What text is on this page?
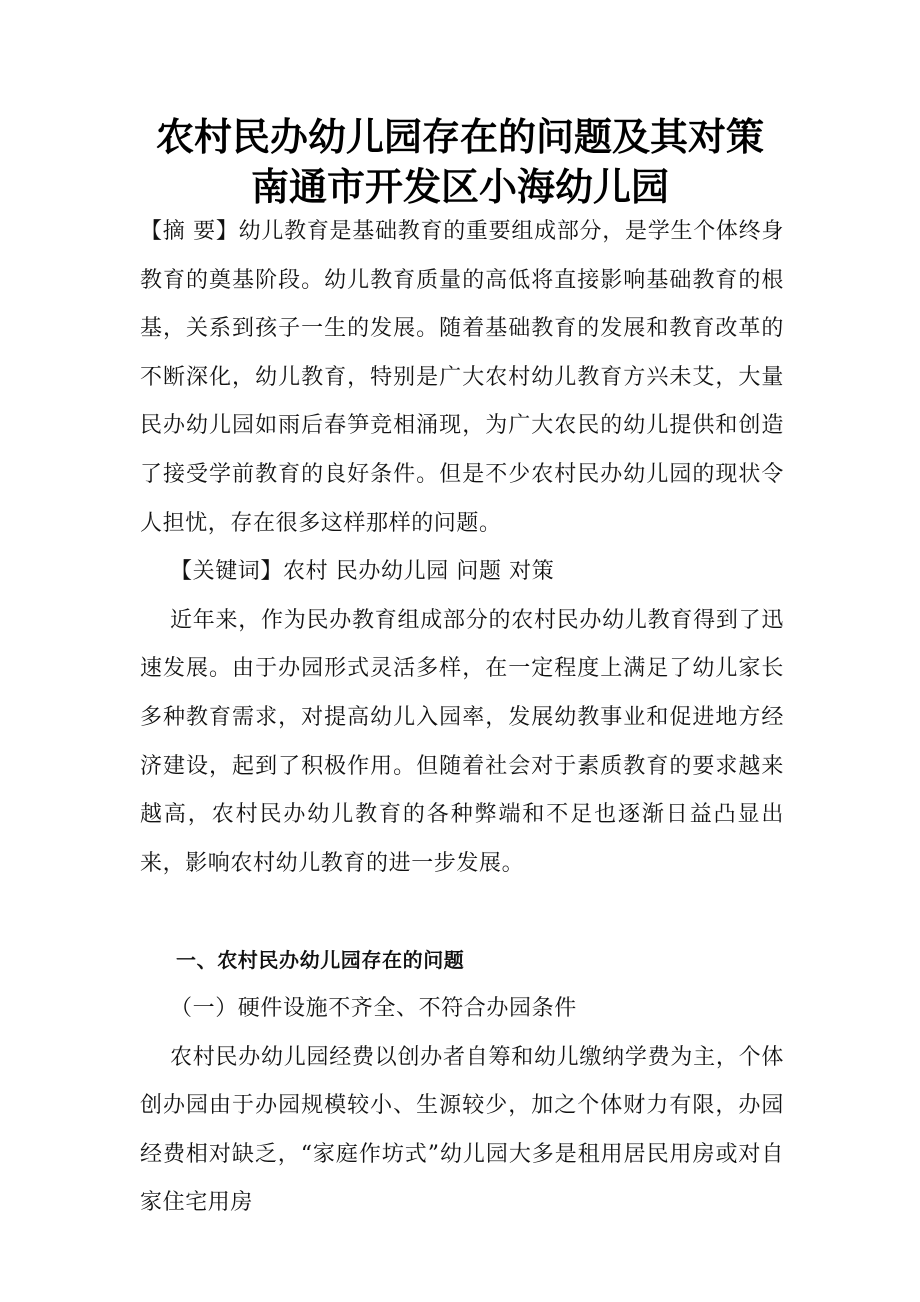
农村民办幼儿园存在的问题及其对策
南通市开发区小海幼儿园

【摘 要】幼儿教育是基础教育的重要组成部分，是学生个体终身教育的奠基阶段。幼儿教育质量的高低将直接影响基础教育的根基，关系到孩子一生的发展。随着基础教育的发展和教育改革的不断深化，幼儿教育，特别是广大农村幼儿教育方兴未艾，大量民办幼儿园如雨后春笋竞相涌现，为广大农民的幼儿提供和创造了接受学前教育的良好条件。但是不少农村民办幼儿园的现状令人担忧，存在很多这样那样的问题。

【关键词】农村 民办幼儿园 问题 对策

近年来，作为民办教育组成部分的农村民办幼儿教育得到了迅速发展。由于办园形式灵活多样，在一定程度上满足了幼儿家长多种教育需求，对提高幼儿入园率，发展幼教事业和促进地方经济建设，起到了积极作用。但随着社会对于素质教育的要求越来越高，农村民办幼儿教育的各种弊端和不足也逐渐日益凸显出来，影响农村幼儿教育的进一步发展。

一、农村民办幼儿园存在的问题

（一）硬件设施不齐全、不符合办园条件

农村民办幼儿园经费以创办者自筹和幼儿缴纳学费为主，个体创办园由于办园规模较小、生源较少，加之个体财力有限，办园经费相对缺乏，“家庭作坊式”幼儿园大多是租用居民用房或对自家住宅用房
